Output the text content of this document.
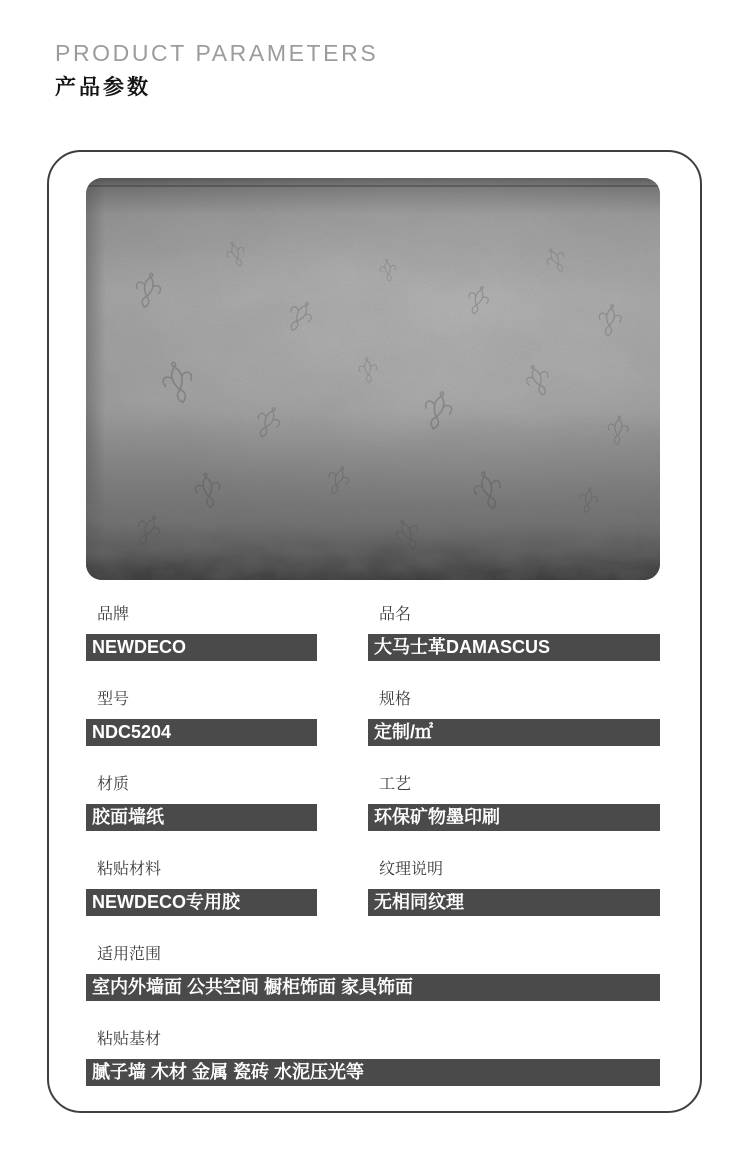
PRODUCT PARAMETERS
产品参数
品牌
NEWDECO
品名
大马士革DAMASCUS
型号
NDC5204
规格
定制/㎡
材质
胶面墙纸
工艺
环保矿物墨印刷
粘贴材料
NEWDECO专用胶
纹理说明
无相同纹理
适用范围
室内外墙面 公共空间 橱柜饰面 家具饰面
粘贴基材
腻子墙 木材 金属 瓷砖 水泥压光等
